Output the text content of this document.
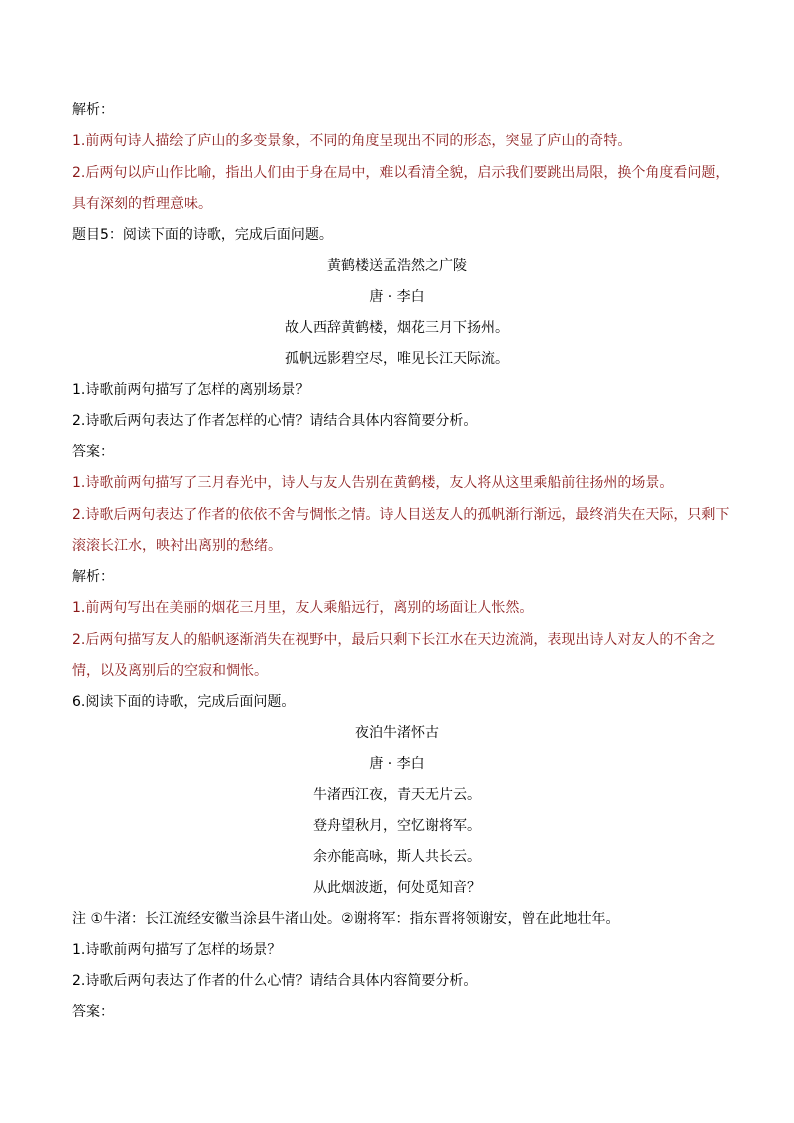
解析：
1.前两句诗人描绘了庐山的多变景象，不同的角度呈现出不同的形态，突显了庐山的奇特。
2.后两句以庐山作比喻，指出人们由于身在局中，难以看清全貌，启示我们要跳出局限，换个角度看问题，具有深刻的哲理意味。
题目5：阅读下面的诗歌，完成后面问题。
黄鹤楼送孟浩然之广陵
唐 · 李白
故人西辞黄鹤楼，烟花三月下扬州。
孤帆远影碧空尽，唯见长江天际流。
1.诗歌前两句描写了怎样的离别场景？
2.诗歌后两句表达了作者怎样的心情？请结合具体内容简要分析。
答案：
1.诗歌前两句描写了三月春光中，诗人与友人告别在黄鹤楼，友人将从这里乘船前往扬州的场景。
2.诗歌后两句表达了作者的依依不舍与惆怅之情。诗人目送友人的孤帆渐行渐远，最终消失在天际，只剩下滚滚长江水，映衬出离别的愁绪。
解析：
1.前两句写出在美丽的烟花三月里，友人乘船远行，离别的场面让人怅然。
2.后两句描写友人的船帆逐渐消失在视野中，最后只剩下长江水在天边流淌，表现出诗人对友人的不舍之情，以及离别后的空寂和惆怅。
6.阅读下面的诗歌，完成后面问题。
夜泊牛渚怀古
唐 · 李白
牛渚西江夜，青天无片云。
登舟望秋月，空忆谢将军。
余亦能高咏，斯人共长云。
从此烟波逝，何处觅知音？
注 ①牛渚：长江流经安徽当涂县牛渚山处。②谢将军：指东晋将领谢安，曾在此地壮年。
1.诗歌前两句描写了怎样的场景？
2.诗歌后两句表达了作者的什么心情？请结合具体内容简要分析。
答案：
